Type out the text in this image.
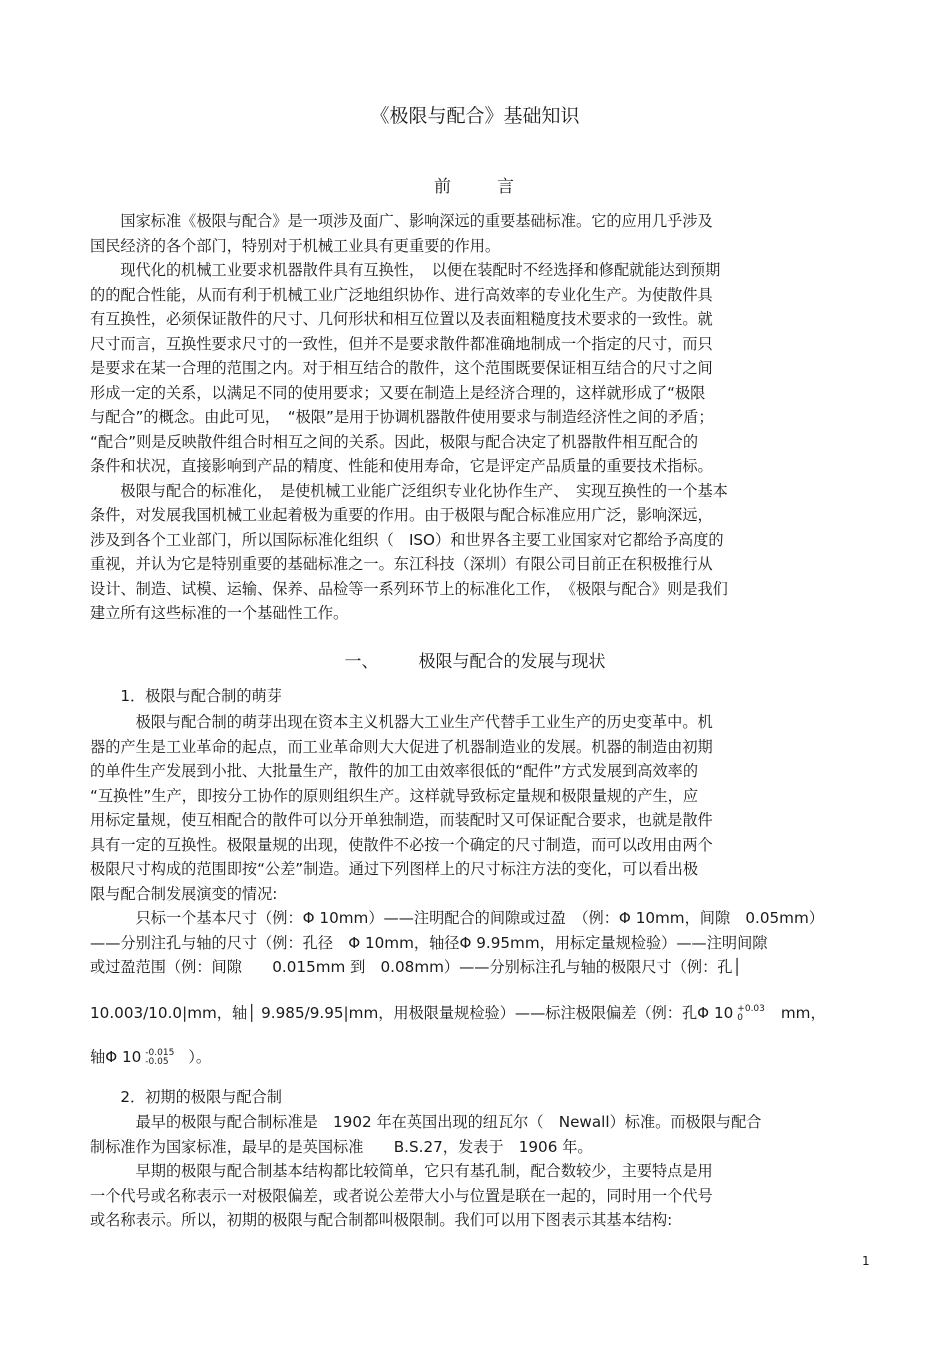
《极限与配合》基础知识
前	言
　　国家标准《极限与配合》是一项涉及面广、影响深远的重要基础标准。它的应用几乎涉及
国民经济的各个部门，特别对于机械工业具有更重要的作用。
　　现代化的机械工业要求机器散件具有互换性，　以便在装配时不经选择和修配就能达到预期
的的配合性能，从而有利于机械工业广泛地组织协作、进行高效率的专业化生产。为使散件具
有互换性，必须保证散件的尺寸、几何形状和相互位置以及表面粗糙度技术要求的一致性。就
尺寸而言，互换性要求尺寸的一致性，但并不是要求散件都准确地制成一个指定的尺寸，而只
是要求在某一合理的范围之内。对于相互结合的散件，这个范围既要保证相互结合的尺寸之间
形成一定的关系，以满足不同的使用要求；又要在制造上是经济合理的，这样就形成了“极限
与配合”的概念。由此可见，　“极限”是用于协调机器散件使用要求与制造经济性之间的矛盾；
“配合”则是反映散件组合时相互之间的关系。因此，极限与配合决定了机器散件相互配合的
条件和状况，直接影响到产品的精度、性能和使用寿命，它是评定产品质量的重要技术指标。
　　极限与配合的标准化，　是使机械工业能广泛组织专业化协作生产、　实现互换性的一个基本
条件，对发展我国机械工业起着极为重要的作用。由于极限与配合标准应用广泛，影响深远，
涉及到各个工业部门，所以国际标准化组织（　ISO）和世界各主要工业国家对它都给予高度的
重视，并认为它是特别重要的基础标准之一。东江科技（深圳）有限公司目前正在积极推行从
设计、制造、试模、运输、保养、品检等一系列环节上的标准化工作，　《极限与配合》则是我们
建立所有这些标准的一个基础性工作。
一、 极限与配合的发展与现状
　　1．极限与配合制的萌芽
　　　极限与配合制的萌芽出现在资本主义机器大工业生产代替手工业生产的历史变革中。机
器的产生是工业革命的起点，而工业革命则大大促进了机器制造业的发展。机器的制造由初期
的单件生产发展到小批、大批量生产，散件的加工由效率很低的“配件”方式发展到高效率的
“互换性”生产，即按分工协作的原则组织生产。这样就导致标定量规和极限量规的产生，应
用标定量规，使互相配合的散件可以分开单独制造，而装配时又可保证配合要求，也就是散件
具有一定的互换性。极限量规的出现，使散件不必按一个确定的尺寸制造，而可以改用由两个
极限尺寸构成的范围即按“公差”制造。通过下列图样上的尺寸标注方法的变化，可以看出极
限与配合制发展演变的情况:
　　　只标一个基本尺寸（例：Φ 10mm）——注明配合的间隙或过盈　（例：Φ 10mm，间隙　0.05mm）
——分别注孔与轴的尺寸（例：孔径　Φ 10mm，轴径Φ 9.95mm，用标定量规检验）——注明间隙
或过盈范围（例：间隙　　0.015mm 到　0.08mm）——分别标注孔与轴的极限尺寸（例：孔│
10.003/10.0|mm，轴│ 9.985/9.95|mm，用极限量规检验）——标注极限偏差（例：孔Φ 10 +0.03
0	mm，
轴Φ 10 -0.015
-0.05	）。
　　2．初期的极限与配合制
　　　最早的极限与配合制标准是　1902 年在英国出现的纽瓦尔（　Newall）标准。而极限与配合
制标准作为国家标准，最早的是英国标准　　B.S.27，发表于　1906 年。
　　　早期的极限与配合制基本结构都比较简单，它只有基孔制，配合数较少，主要特点是用
一个代号或名称表示一对极限偏差，或者说公差带大小与位置是联在一起的，同时用一个代号
或名称表示。所以，初期的极限与配合制都叫极限制。我们可以用下图表示其基本结构:
1
